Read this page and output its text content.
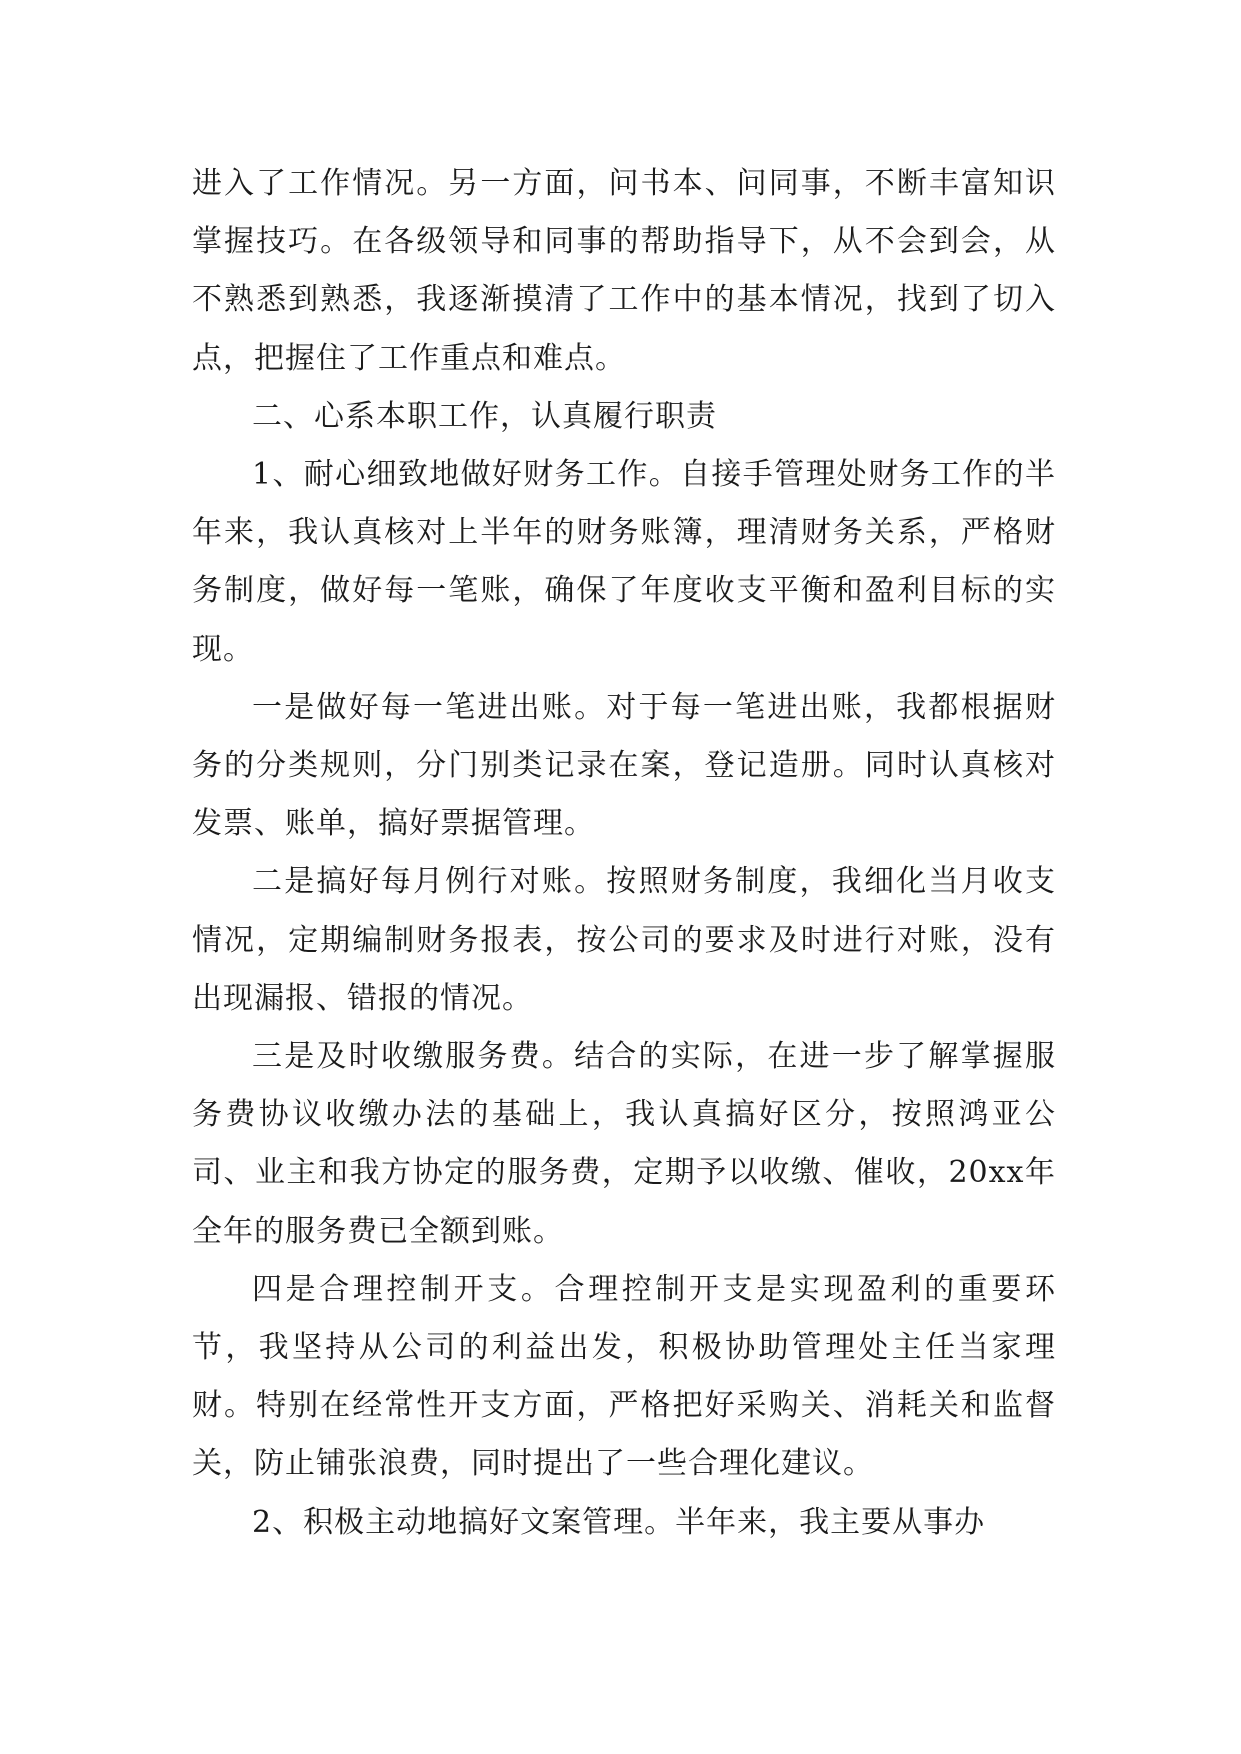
进入了工作情况。另一方面，问书本、问同事，不断丰富知识掌握技巧。在各级领导和同事的帮助指导下，从不会到会，从不熟悉到熟悉，我逐渐摸清了工作中的基本情况，找到了切入点，把握住了工作重点和难点。

二、心系本职工作，认真履行职责

1、耐心细致地做好财务工作。自接手管理处财务工作的半年来，我认真核对上半年的财务账簿，理清财务关系，严格财务制度，做好每一笔账，确保了年度收支平衡和盈利目标的实现。

一是做好每一笔进出账。对于每一笔进出账，我都根据财务的分类规则，分门别类记录在案，登记造册。同时认真核对发票、账单，搞好票据管理。

二是搞好每月例行对账。按照财务制度，我细化当月收支情况，定期编制财务报表，按公司的要求及时进行对账，没有出现漏报、错报的情况。

三是及时收缴服务费。结合的实际，在进一步了解掌握服务费协议收缴办法的基础上，我认真搞好区分，按照鸿亚公司、业主和我方协定的服务费，定期予以收缴、催收，20xx年全年的服务费已全额到账。

四是合理控制开支。合理控制开支是实现盈利的重要环节，我坚持从公司的利益出发，积极协助管理处主任当家理财。特别在经常性开支方面，严格把好采购关、消耗关和监督关，防止铺张浪费，同时提出了一些合理化建议。

2、积极主动地搞好文案管理。半年来，我主要从事办
